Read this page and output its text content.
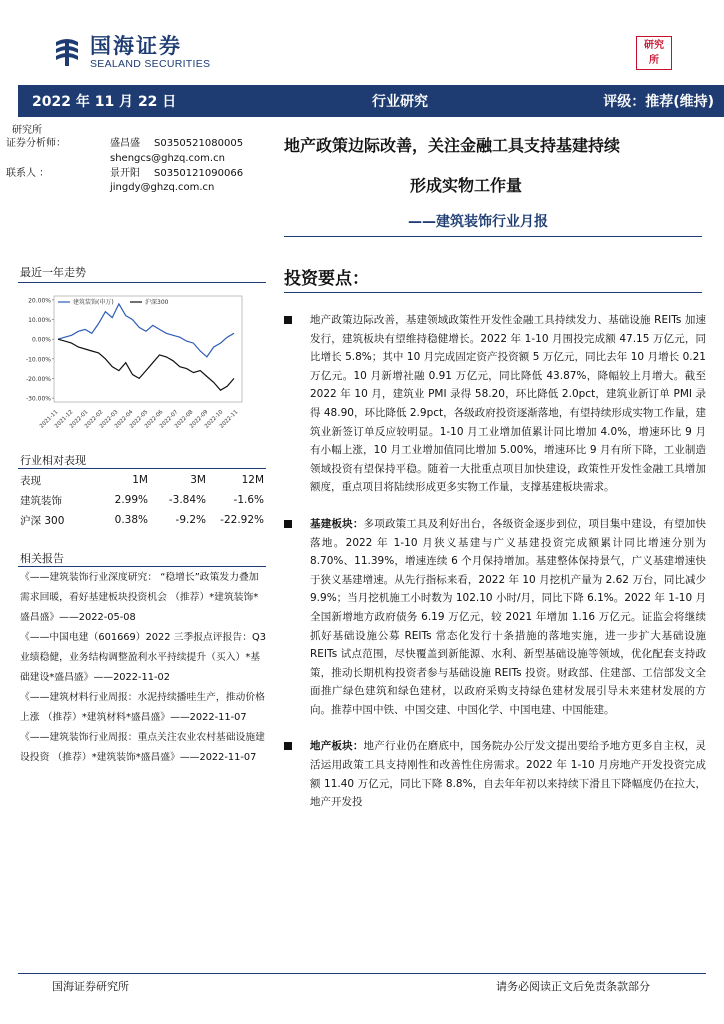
国海证券
SEALAND SECURITIES
研究
所
2022 年 11 月 22 日	行业研究	评级：推荐(维持)
研究所
证券分析师：	盛昌盛 S0350521080005
shengcs@ghzq.com.cn
联系人 ：	景开阳 S0350121090066
jingdy@ghzq.com.cn
地产政策边际改善，关注金融工具支持基建持续
形成实物工作量
——建筑装饰行业月报
最近一年走势
20.00%
10.00%
0.00%
-10.00%
-20.00%
-30.00%
2021-11
2021-12
2022-01
2022-02
2022-03
2022-04
2022-05
2022-06
2022-07
2022-08
2022-09
2022-10
2022-11
建筑装饰(申万)	沪深300
行业相对表现
表现	1M	3M	12M
建筑装饰	2.99%	-3.84%	-1.6%
沪深 300	0.38%	-9.2%	-22.92%
相关报告

《——建筑装饰行业深度研究： “稳增长”政策发力叠加需求回暖，看好基建板块投资机会 （推荐）*建筑装饰*盛昌盛》——2022-05-08

《——中国电建（601669）2022 三季报点评报告：Q3 业绩稳健，业务结构调整盈利水平持续提升（买入）*基础建设*盛昌盛》——2022-11-02

《——建筑材料行业周报：水泥持续播哇生产，推动价格上涨 （推荐）*建筑材料*盛昌盛》——2022-11-07

《——建筑装饰行业周报：重点关注农业农村基础设施建设投资 （推荐）*建筑装饰*盛昌盛》——2022-11-07

投资要点：
地产政策边际改善，基建领域政策性开发性金融工具持续发力、基础设施 REITs 加速发行，建筑板块有望维持稳健增长。2022 年 1-10 月围投完成额 47.15 万亿元，同比增长 5.8%；其中 10 月完成固定资产投资额 5 万亿元，同比去年 10 月增长 0.21 万亿元。10 月新增社融 0.91 万亿元，同比降低 43.87%，降幅较上月增大。截至 2022 年 10 月，建筑业 PMI 录得 58.20，环比降低 2.0pct，建筑业新订单 PMI 录得 48.90，环比降低 2.9pct，各级政府投资逐渐落地，有望持续形成实物工作量，建筑业新签订单反应较明显。1-10 月工业增加值累计同比增加 4.0%，增速环比 9 月有小幅上涨，10 月工业增加值同比增加 5.00%，增速环比 9 月有所下降，工业制造领域投资有望保持平稳。随着一大批重点项目加快建设，政策性开发性金融工具增加额度，重点项目将陆续形成更多实物工作量，支撑基建板块需求。
基建板块：多项政策工具及利好出台，各级资金逐步到位，项目集中建设，有望加快落地。2022 年 1-10 月狭义基建与广义基建投资完成额累计同比增速分别为 8.70%、11.39%，增速连续 6 个月保持增加。基建整体保持景气，广义基建增速快于狭义基建增速。从先行指标来看，2022 年 10 月挖机产量为 2.62 万台，同比减少 9.9%；当月挖机施工小时数为 102.10 小时/月，同比下降 6.1%。2022 年 1-10 月全国新增地方政府债务 6.19 万亿元，较 2021 年增加 1.16 万亿元。证监会将继续抓好基础设施公募 REITs 常态化发行十条措施的落地实施，进一步扩大基础设施 REITs 试点范围，尽快覆盖到新能源、水利、新型基础设施等领域，优化配套支持政策，推动长期机构投资者参与基础设施 REITs 投资。财政部、住建部、工信部发文全面推广绿色建筑和绿色建材，以政府采购支持绿色建材发展引导未来建材发展的方向。推荐中国中铁、中国交建、中国化学、中国电建、中国能建。
地产板块：地产行业仍在磨底中，国务院办公厅发文提出要给予地方更多自主权，灵活运用政策工具支持刚性和改善性住房需求。2022 年 1-10 月房地产开发投资完成额 11.40 万亿元，同比下降 8.8%，自去年年初以来持续下滑且下降幅度仍在拉大，地产开发投
国海证券研究所	请务必阅读正文后免责条款部分
